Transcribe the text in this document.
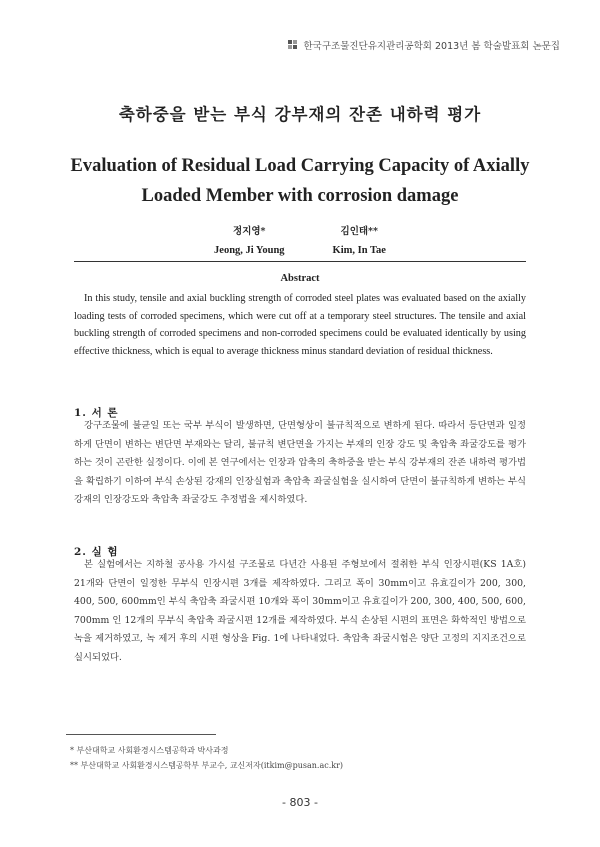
한국구조물진단유지관리공학회 2013년 봄 학술발표회 논문집
축하중을 받는 부식 강부재의 잔존 내하력 평가
Evaluation of Residual Load Carrying Capacity of Axially
Loaded Member with corrosion damage
정지영*
Jeong, Ji Young
김인태**
Kim, In Tae
Abstract
In this study, tensile and axial buckling strength of corroded steel plates was evaluated based on the axially loading tests of corroded specimens, which were cut off at a temporary steel structures. The tensile and axial buckling strength of corroded specimens and non-corroded specimens could be evaluated identically by using effective thickness, which is equal to average thickness minus standard deviation of residual thickness.
1. 서 론
강구조물에 불균일 또는 국부 부식이 발생하면, 단면형상이 불규칙적으로 변하게 된다. 따라서 등단면과 일정하게 단면이 변하는 변단면 부재와는 달리, 불규칙 변단면을 가지는 부재의 인장 강도 및 축압축 좌굴강도를 평가하는 것이 곤란한 실정이다. 이에 본 연구에서는 인장과 압축의 축하중을 받는 부식 강부재의 잔존 내하력 평가법을 확립하기 이하여 부식 손상된 강재의 인장실험과 축압축 좌굴실험을 실시하여 단면이 불규칙하게 변하는 부식 강재의 인장강도와 축압축 좌굴강도 추정법을 제시하였다.
2. 실 험
본 실험에서는 지하철 공사용 가시설 구조물로 다년간 사용된 주형보에서 절취한 부식 인장시편(KS 1A호) 21개와 단면이 일정한 무부식 인장시편 3개를 제작하였다. 그리고 폭이 30mm이고 유효길이가 200, 300, 400, 500, 600mm인 부식 축압축 좌굴시편 10개와 폭이 30mm이고 유효길이가 200, 300, 400, 500, 600, 700mm 인 12개의 무부식 축압축 좌굴시편 12개를 제작하였다. 부식 손상된 시편의 표면은 화학적인 방법으로 녹을 제거하였고, 녹 제거 후의 시편 형상을 Fig. 1에 나타내었다. 축압축 좌굴시험은 양단 고정의 지지조건으로 실시되었다.
* 부산대학교 사회환경시스템공학과 박사과정
** 부산대학교 사회환경시스템공학부 부교수, 교신저자(itkim@pusan.ac.kr)
- 803 -
